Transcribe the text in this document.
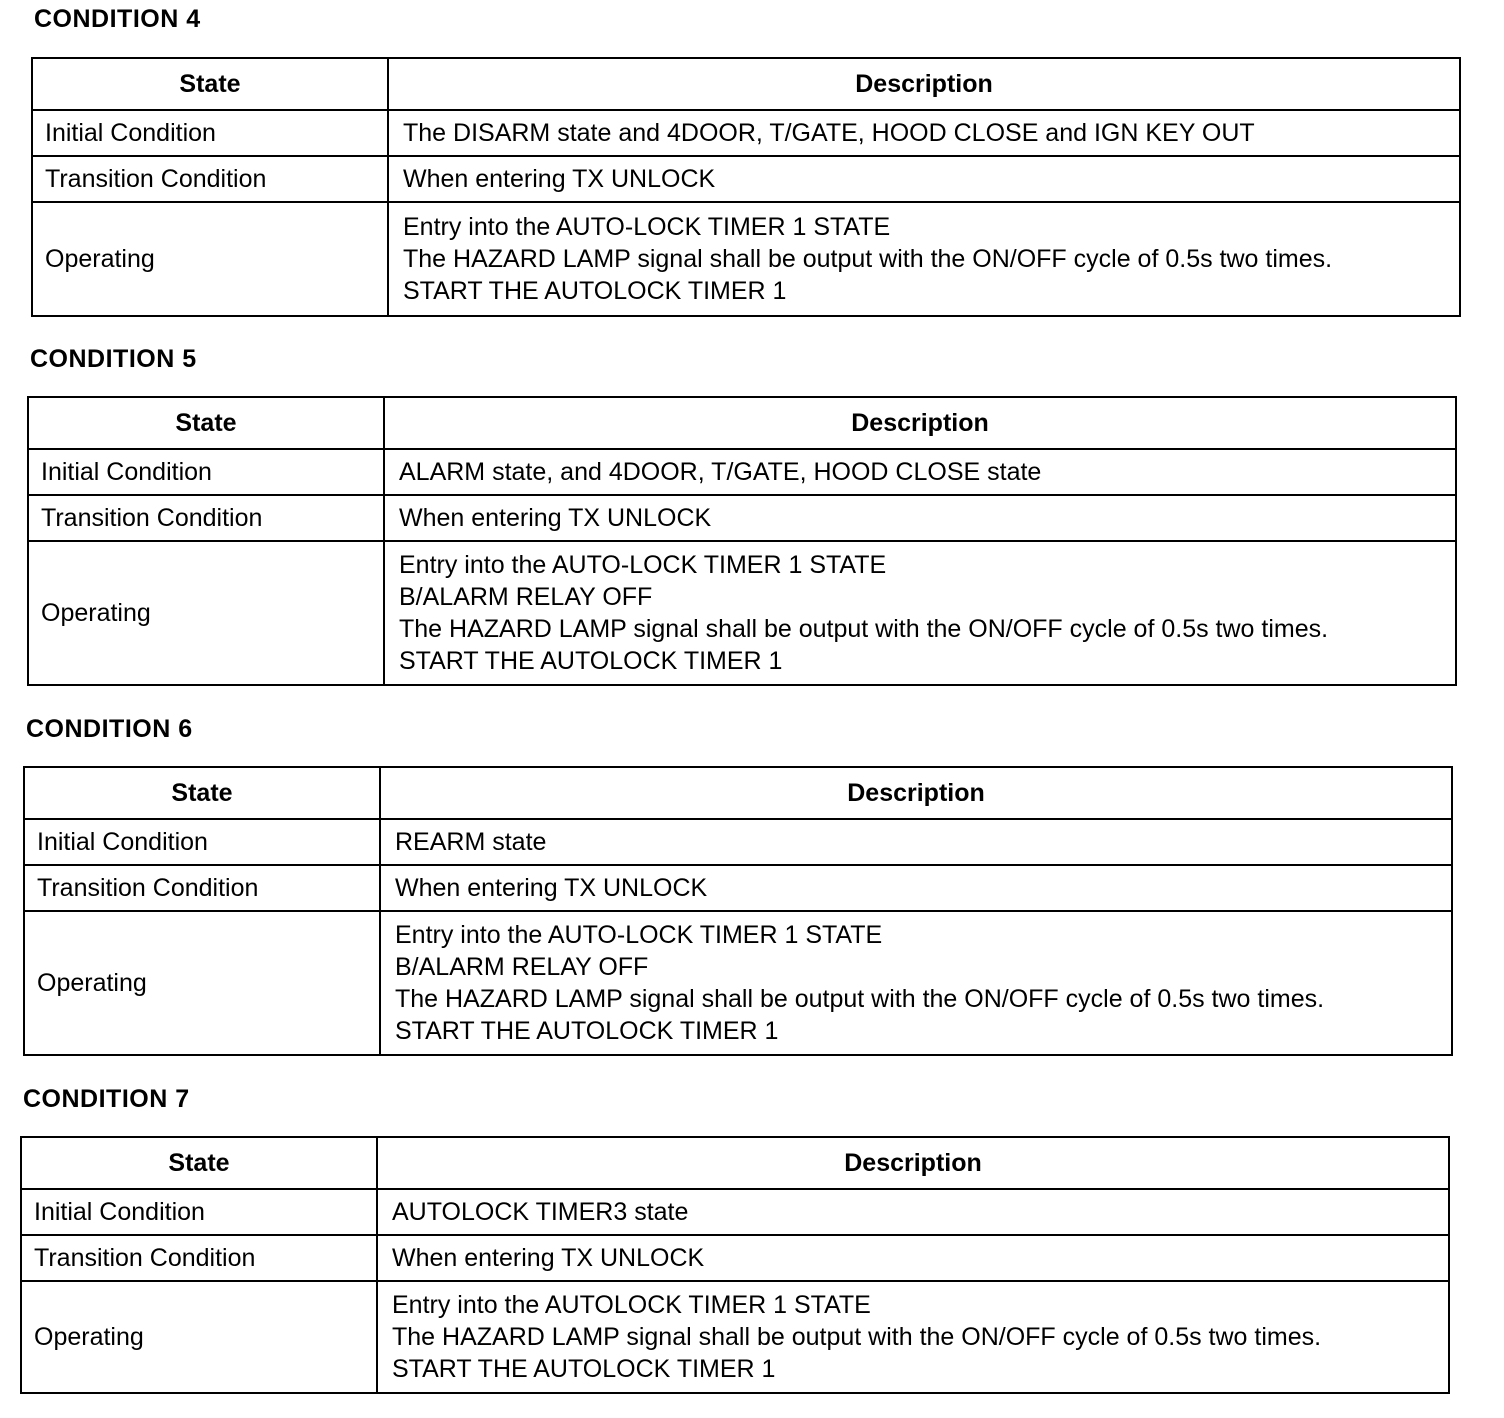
CONDITION 4
State	Description
Initial Condition	The DISARM state and 4DOOR, T/GATE, HOOD CLOSE and IGN KEY OUT
Transition Condition	When entering TX UNLOCK
Operating	Entry into the AUTO-LOCK TIMER 1 STATE
The HAZARD LAMP signal shall be output with the ON/OFF cycle of 0.5s two times.
START THE AUTOLOCK TIMER 1
CONDITION 5
State	Description
Initial Condition	ALARM state, and 4DOOR, T/GATE, HOOD CLOSE state
Transition Condition	When entering TX UNLOCK
Operating	Entry into the AUTO-LOCK TIMER 1 STATE
B/ALARM RELAY OFF
The HAZARD LAMP signal shall be output with the ON/OFF cycle of 0.5s two times.
START THE AUTOLOCK TIMER 1
CONDITION 6
State	Description
Initial Condition	REARM state
Transition Condition	When entering TX UNLOCK
Operating	Entry into the AUTO-LOCK TIMER 1 STATE
B/ALARM RELAY OFF
The HAZARD LAMP signal shall be output with the ON/OFF cycle of 0.5s two times.
START THE AUTOLOCK TIMER 1
CONDITION 7
State	Description
Initial Condition	AUTOLOCK TIMER3 state
Transition Condition	When entering TX UNLOCK
Operating	Entry into the AUTOLOCK TIMER 1 STATE
The HAZARD LAMP signal shall be output with the ON/OFF cycle of 0.5s two times.
START THE AUTOLOCK TIMER 1
